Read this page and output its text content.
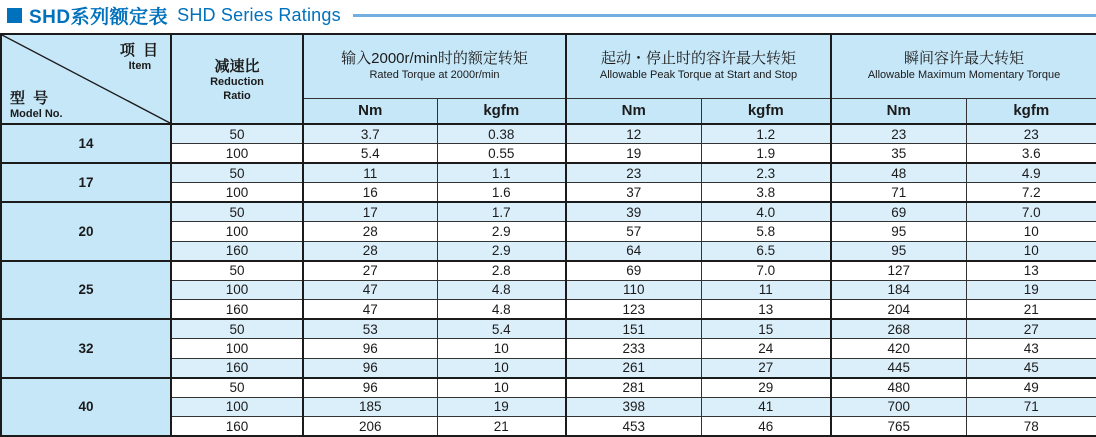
SHD系列额定表 SHD Series Ratings
项 目
Item
型 号
Model No.

减速比
Reduction
Ratio

输入2000r/min时的额定转矩
Rated Torque at 2000r/min

起动・停止时的容许最大转矩
Allowable Peak Torque at Start and Stop

瞬间容许最大转矩
Allowable Maximum Momentary Torque

		Nm	kgfm	Nm	kgfm	Nm	kgfm
14	50	3.7	0.38	12	1.2	23	23
	100	5.4	0.55	19	1.9	35	3.6
17	50	11	1.1	23	2.3	48	4.9
	100	16	1.6	37	3.8	71	7.2
20	50	17	1.7	39	4.0	69	7.0
	100	28	2.9	57	5.8	95	10
	160	28	2.9	64	6.5	95	10
25	50	27	2.8	69	7.0	127	13
	100	47	4.8	110	11	184	19
	160	47	4.8	123	13	204	21
32	50	53	5.4	151	15	268	27
	100	96	10	233	24	420	43
	160	96	10	261	27	445	45
40	50	96	10	281	29	480	49
	100	185	19	398	41	700	71
	160	206	21	453	46	765	78
